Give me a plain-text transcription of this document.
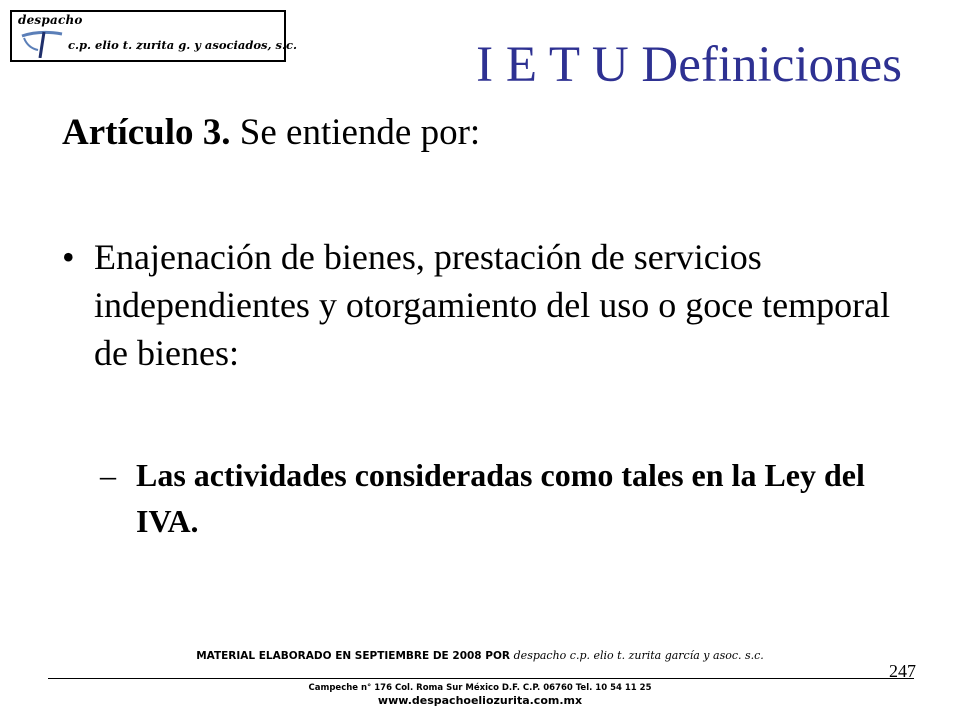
despacho
c.p. elio t. zurita g. y asociados, s.c.	I E T U Definiciones
Artículo 3. Se entiende por:
• Enajenación de bienes, prestación de servicios independientes y otorgamiento del uso o goce temporal de bienes:
– Las actividades consideradas como tales en la Ley del IVA.
MATERIAL ELABORADO EN SEPTIEMBRE DE 2008 POR despacho c.p. elio t. zurita garcía y asoc. s.c.
247
Campeche n° 176 Col. Roma Sur México D.F. C.P. 06760 Tel. 10 54 11 25
www.despachoeliozurita.com.mx
